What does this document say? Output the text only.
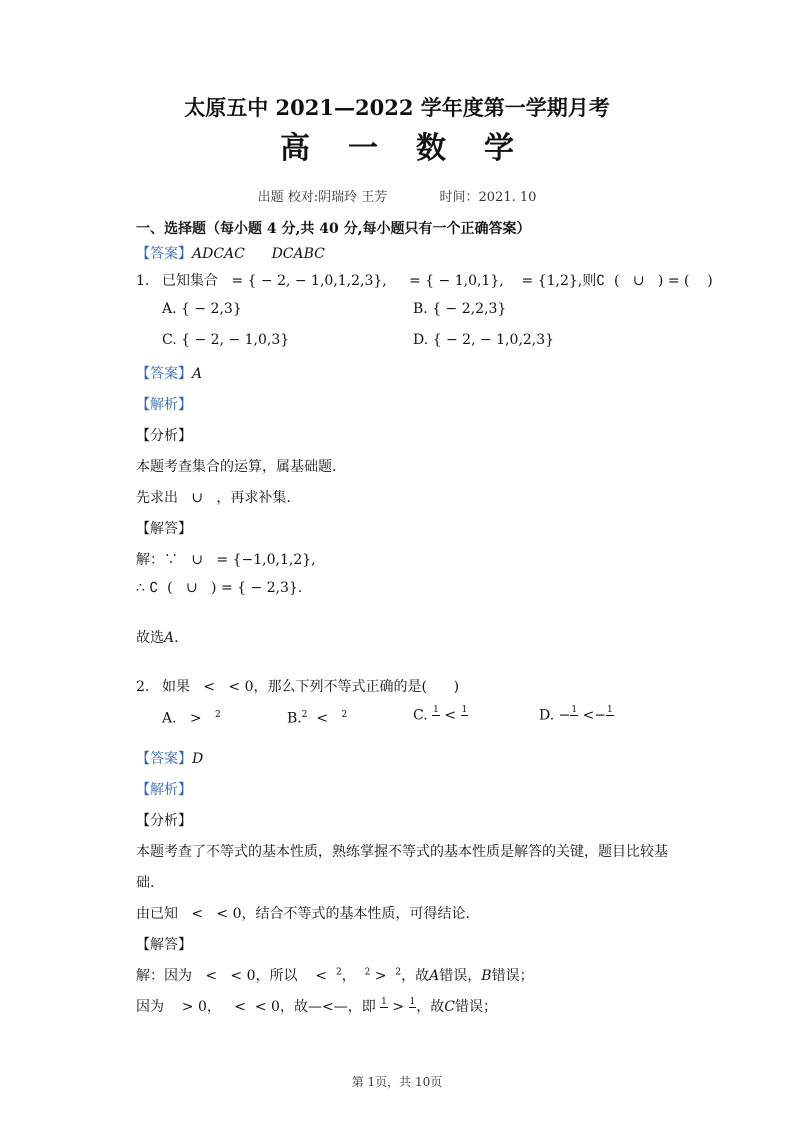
太原五中 2021—2022 学年度第一学期月考
高一数学
出题 校对:阴瑞玲 王芳	时间：2021. 10
一、选择题（每小题 4 分,共 40 分,每小题只有一个正确答案）
【答案】ADCAC      DCABC
1. 已知集合   = { − 2, − 1,0,1,2,3},     = { − 1,0,1},    = {1,2},则∁  (   ∪   ) = (    )
A. { − 2,3}	B. { − 2,2,3}
C. { − 2, − 1,0,3}	D. { − 2, − 1,0,2,3}
【答案】A
【解析】
【分析】
本题考查集合的运算，属基础题.
先求出   ∪   ，再求补集.
【解答】
解：∵   ∪   = {−1,0,1,2},
∴ ∁  (   ∪   ) = { − 2,3}.
故选A.
2. 如果   <   < 0，那么下列不等式正确的是(      )
A.   >   $^2$	B.$^2$  <   $^2$	C. 1 < 1	D. − 1 <− 1
【答案】D
【解析】
【分析】
本题考查了不等式的基本性质，熟练掌握不等式的基本性质是解答的关键，题目比较基
础.
由已知   <   < 0，结合不等式的基本性质，可得结论.
【解答】
解：因为   <   < 0，所以    <  $^2$，  $^2$ >  $^2$，故A错误，B错误；
因为    > 0，   <  < 0，故—<—，即 1 > 1 ，故C错误；
第 1页，共 10页
